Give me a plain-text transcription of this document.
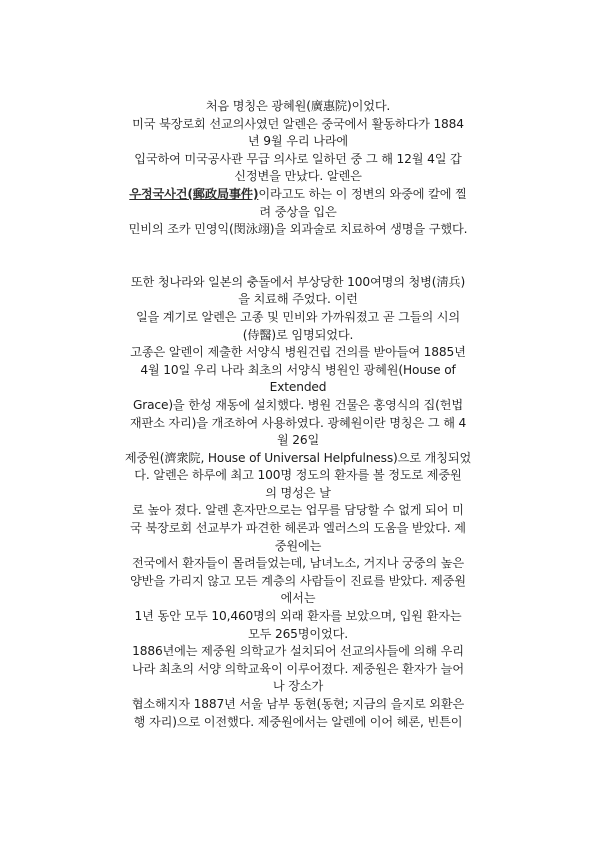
처음 명칭은 광혜원(廣惠院)이었다.
미국 북장로회 선교의사였던 알렌은 중국에서 활동하다가 1884
년 9월 우리 나라에
입국하여 미국공사관 무급 의사로 일하던 중 그 해 12월 4일 갑
신정변을 만났다. 알렌은
우정국사건(郵政局事件)이라고도 하는 이 정변의 와중에 칼에 찔
려 중상을 입은
민비의 조카 민영익(閔泳翊)을 외과술로 치료하여 생명을 구했다.
또한 청나라와 일본의 충돌에서 부상당한 100여명의 청병(淸兵)
을 치료해 주었다. 이런
일을 계기로 알렌은 고종 및 민비와 가까워졌고 곧 그들의 시의
(侍醫)로 임명되었다.
고종은 알렌이 제출한 서양식 병원건립 건의를 받아들여 1885년
4월 10일 우리 나라 최초의 서양식 병원인 광혜원(House of
Extended
Grace)을 한성 재동에 설치했다. 병원 건물은 홍영식의 집(헌법
재판소 자리)을 개조하여 사용하였다. 광혜원이란 명칭은 그 해 4
월 26일
제중원(濟衆院, House of Universal Helpfulness)으로 개칭되었
다. 알렌은 하루에 최고 100명 정도의 환자를 볼 정도로 제중원
의 명성은 날
로 높아 졌다. 알렌 혼자만으로는 업무를 담당할 수 없게 되어 미
국 북장로회 선교부가 파견한 헤론과 엘러스의 도움을 받았다. 제
중원에는
전국에서 환자들이 몰려들었는데, 남녀노소, 거지나 궁중의 높은
양반을 가리지 않고 모든 계층의 사람들이 진료를 받았다. 제중원
에서는
1년 동안 모두 10,460명의 외래 환자를 보았으며, 입원 환자는
모두 265명이었다.
1886년에는 제중원 의학교가 설치되어 선교의사들에 의해 우리
나라 최초의 서양 의학교육이 이루어졌다. 제중원은 환자가 늘어
나 장소가
협소해지자 1887년 서울 남부 동현(동현; 지금의 을지로 외환은
행 자리)으로 이전했다. 제중원에서는 알렌에 이어 헤론, 빈튼이
